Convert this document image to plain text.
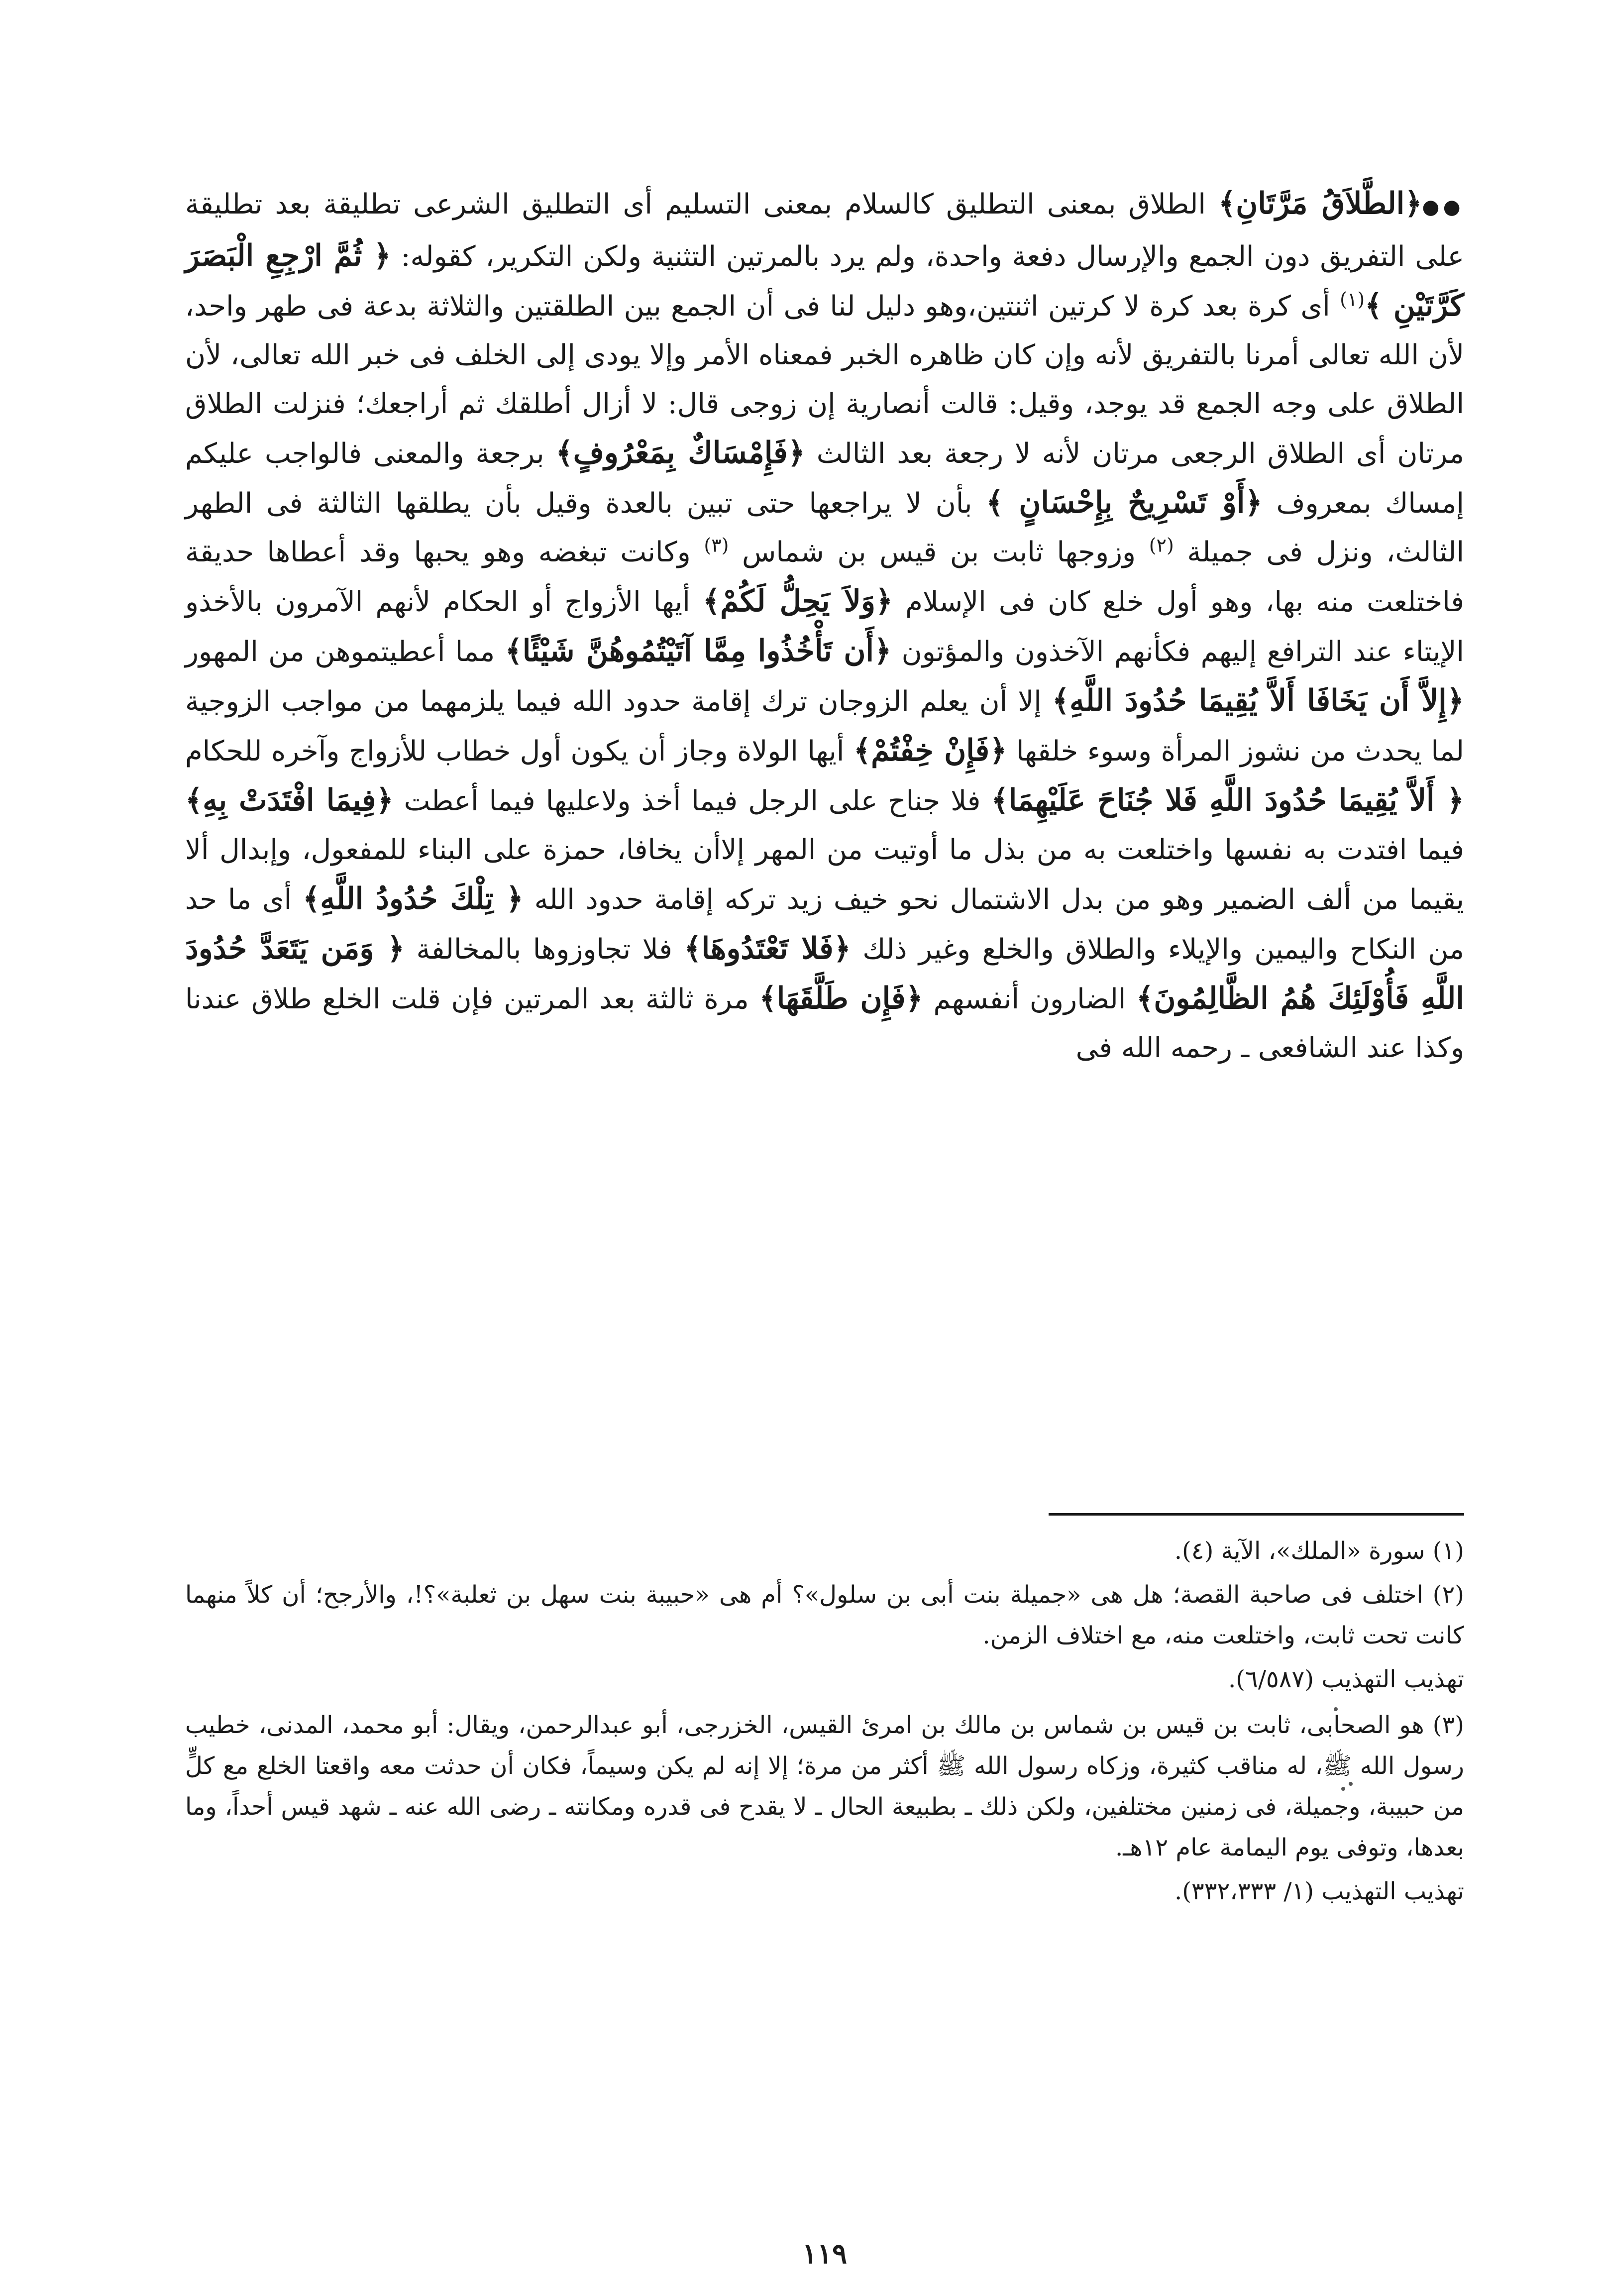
●●﴿الطَّلاَقُ مَرَّتَانِ﴾ الطلاق بمعنى التطليق كالسلام بمعنى التسليم أى التطليق الشرعى تطليقة بعد تطليقة على التفريق دون الجمع والإرسال دفعة واحدة، ولم يرد بالمرتين التثنية ولكن التكرير، كقوله: ﴿ ثُمَّ ارْجِعِ الْبَصَرَ كَرَّتَيْنِ ﴾$^{(١)}$ أى كرة بعد كرة لا كرتين اثنتين،وهو دليل لنا فى أن الجمع بين الطلقتين والثلاثة بدعة فى طهر واحد، لأن الله تعالى أمرنا بالتفريق لأنه وإن كان ظاهره الخبر فمعناه الأمر وإلا يودى إلى الخلف فى خبر الله تعالى، لأن الطلاق على وجه الجمع قد يوجد، وقيل: قالت أنصارية إن زوجى قال: لا أزال أطلقك ثم أراجعك؛ فنزلت الطلاق مرتان أى الطلاق الرجعى مرتان لأنه لا رجعة بعد الثالث ﴿فَإِمْسَاكٌ بِمَعْرُوفٍ﴾ برجعة والمعنى فالواجب عليكم إمساك بمعروف ﴿أَوْ تَسْرِيحٌ بِإِحْسَانٍ ﴾ بأن لا يراجعها حتى تبين بالعدة وقيل بأن يطلقها الثالثة فى الطهر الثالث، ونزل فى جميلة $^{(٢)}$ وزوجها ثابت بن قيس بن شماس $^{(٣)}$ وكانت تبغضه وهو يحبها وقد أعطاها حديقة فاختلعت منه بها، وهو أول خلع كان فى الإسلام ﴿وَلاَ يَحِلُّ لَكُمْ﴾ أيها الأزواج أو الحكام لأنهم الآمرون بالأخذو الإيتاء عند الترافع إليهم فكأنهم الآخذون والمؤتون ﴿أَن تَأْخُذُوا مِمَّا آتَيْتُمُوهُنَّ شَيْئًا﴾ مما أعطيتموهن من المهور ﴿إِلاَّ أَن يَخَافَا أَلاَّ يُقِيمَا حُدُودَ اللَّهِ﴾ إلا أن يعلم الزوجان ترك إقامة حدود الله فيما يلزمهما من مواجب الزوجية لما يحدث من نشوز المرأة وسوء خلقها ﴿فَإِنْ خِفْتُمْ﴾ أيها الولاة وجاز أن يكون أول خطاب للأزواج وآخره للحكام ﴿ أَلاَّ يُقِيمَا حُدُودَ اللَّهِ فَلا جُنَاحَ عَلَيْهِمَا﴾ فلا جناح على الرجل فيما أخذ ولاعليها فيما أعطت ﴿فِيمَا افْتَدَتْ بِهِ﴾ فيما افتدت به نفسها واختلعت به من بذل ما أوتيت من المهر إلاأن يخافا، حمزة على البناء للمفعول، وإبدال ألا يقيما من ألف الضمير وهو من بدل الاشتمال نحو خيف زيد تركه إقامة حدود الله ﴿ تِلْكَ حُدُودُ اللَّهِ﴾ أى ما حد من النكاح واليمين والإيلاء والطلاق والخلع وغير ذلك ﴿فَلا تَعْتَدُوهَا﴾ فلا تجاوزوها بالمخالفة ﴿ وَمَن يَتَعَدَّ حُدُودَ اللَّهِ فَأُوْلَئِكَ هُمُ الظَّالِمُونَ﴾ الضارون أنفسهم ﴿فَإِن طَلَّقَهَا﴾ مرة ثالثة بعد المرتين فإن قلت الخلع طلاق عندنا وكذا عند الشافعى ـ رحمه الله فى

(١) سورة «الملك»، الآية (٤).

(٢) اختلف فى صاحبة القصة؛ هل هى «جميلة بنت أبى بن سلول»؟ أم هى «حبيبة بنت سهل بن ثعلبة»؟!، والأرجح؛ أن كلاً منهما كانت تحت ثابت، واختلعت منه، مع اختلاف الزمن.

تهذيب التهذيب (٦/٥٨٧).

(٣) هو الصحابى، ثابت بن قيس بن شماس بن مالك بن امرئ القيس، الخزرجى، أبو عبدالرحمن، ويقال: أبو محمد، المدنى، خطيب رسول الله ﷺ، له مناقب كثيرة، وزكاه رسول الله ﷺ أكثر من مرة؛ إلا إنه لم يكن وسيماً، فكان أن حدثت معه واقعتا الخلع مع كلٍّ من حبيبة، وجميلة، فى زمنين مختلفين، ولكن ذلك ـ بطبيعة الحال ـ لا يقدح فى قدره ومكانته ـ رضى الله عنه ـ شهد قيس أحداً، وما بعدها، وتوفى يوم اليمامة عام ١٢هـ.

تهذيب التهذيب (١/ ٣٣٢،٣٣٣).
١١٩
